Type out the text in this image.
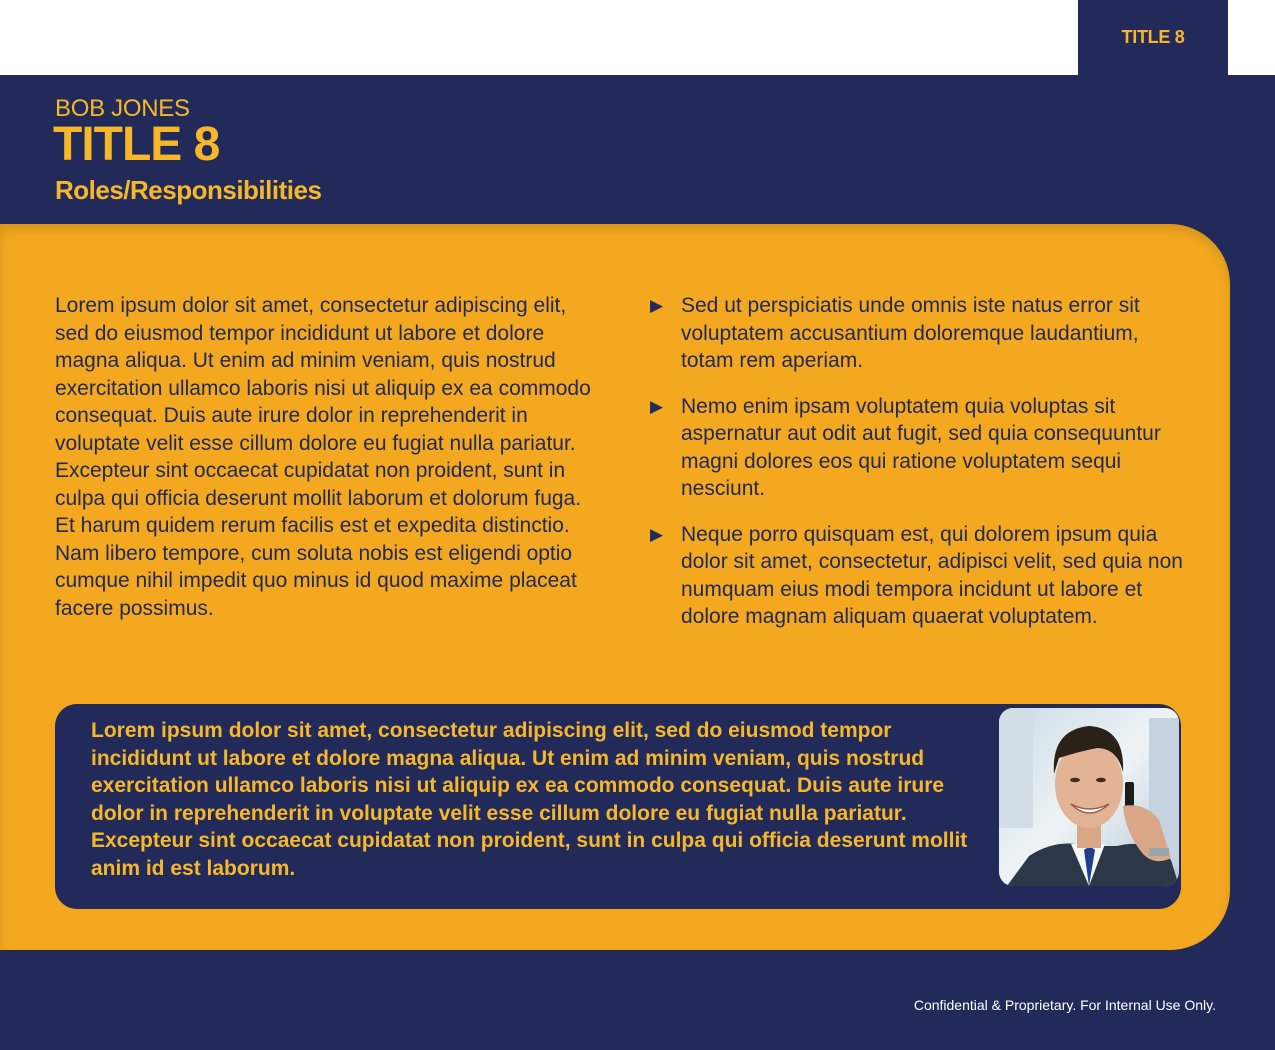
TITLE 8
BOB JONES
TITLE 8
Roles/Responsibilities
Lorem ipsum dolor sit amet, consectetur adipiscing elit, sed do eiusmod tempor incididunt ut labore et dolore magna aliqua. Ut enim ad minim veniam, quis nostrud exercitation ullamco laboris nisi ut aliquip ex ea commodo consequat. Duis aute irure dolor in reprehenderit in voluptate velit esse cillum dolore eu fugiat nulla pariatur. Excepteur sint occaecat cupidatat non proident, sunt in culpa qui officia deserunt mollit laborum et dolorum fuga. Et harum quidem rerum facilis est et expedita distinctio. Nam libero tempore, cum soluta nobis est eligendi optio cumque nihil impedit quo minus id quod maxime placeat facere possimus.
▶ Sed ut perspiciatis unde omnis iste natus error sit voluptatem accusantium doloremque laudantium, totam rem aperiam.
▶ Nemo enim ipsam voluptatem quia voluptas sit aspernatur aut odit aut fugit, sed quia consequuntur magni dolores eos qui ratione voluptatem sequi nesciunt.
▶ Neque porro quisquam est, qui dolorem ipsum quia dolor sit amet, consectetur, adipisci velit, sed quia non numquam eius modi tempora incidunt ut labore et dolore magnam aliquam quaerat voluptatem.
Lorem ipsum dolor sit amet, consectetur adipiscing elit, sed do eiusmod tempor incididunt ut labore et dolore magna aliqua. Ut enim ad minim veniam, quis nostrud exercitation ullamco laboris nisi ut aliquip ex ea commodo consequat. Duis aute irure dolor in reprehenderit in voluptate velit esse cillum dolore eu fugiat nulla pariatur. Excepteur sint occaecat cupidatat non proident, sunt in culpa qui officia deserunt mollit anim id est laborum.
Confidential & Proprietary. For Internal Use Only.
